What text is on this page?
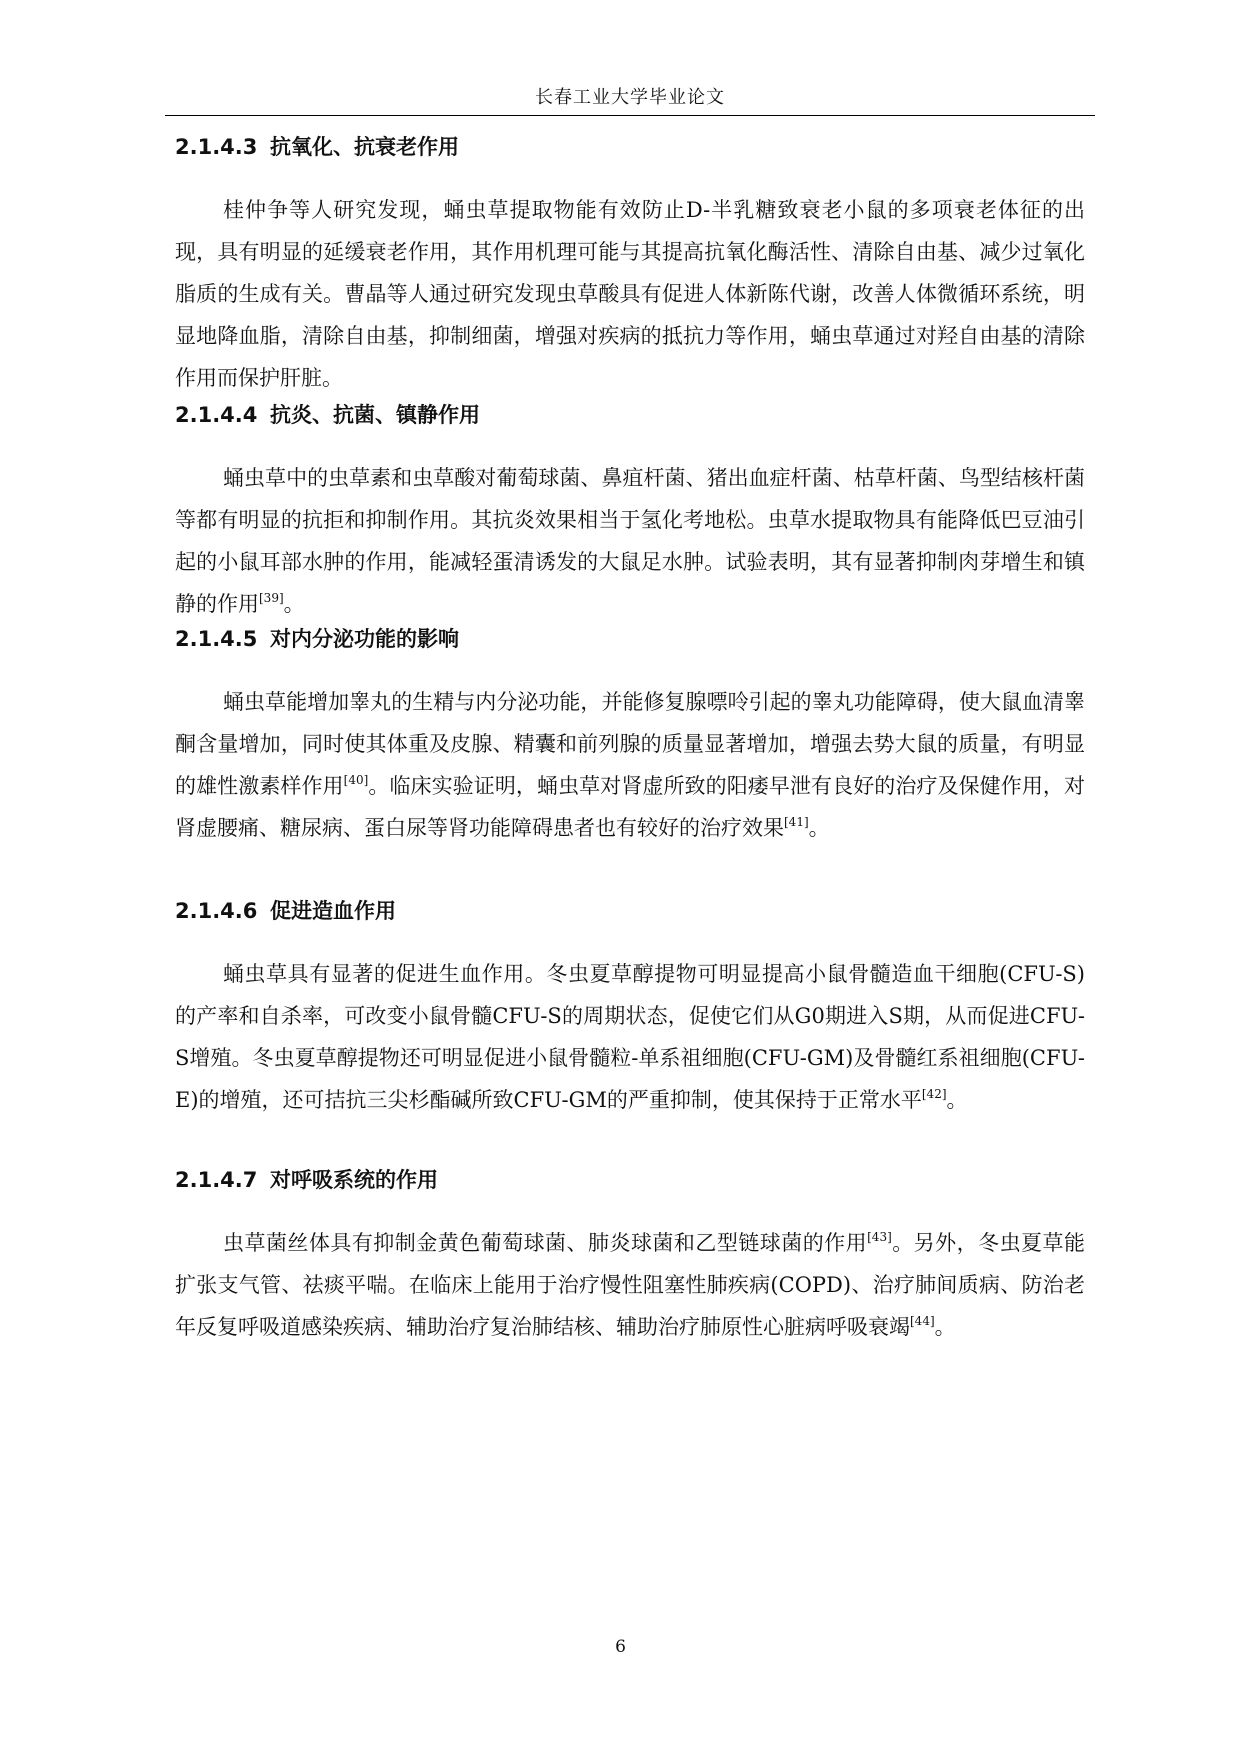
长春工业大学毕业论文
2.1.4.3 抗氧化、抗衰老作用

桂仲争等人研究发现，蛹虫草提取物能有效防止D-半乳糖致衰老小鼠的多项衰老体征的出现，具有明显的延缓衰老作用，其作用机理可能与其提高抗氧化酶活性、清除自由基、减少过氧化脂质的生成有关。曹晶等人通过研究发现虫草酸具有促进人体新陈代谢，改善人体微循环系统，明显地降血脂，清除自由基，抑制细菌，增强对疾病的抵抗力等作用，蛹虫草通过对羟自由基的清除作用而保护肝脏。

2.1.4.4 抗炎、抗菌、镇静作用

蛹虫草中的虫草素和虫草酸对葡萄球菌、鼻疽杆菌、猪出血症杆菌、枯草杆菌、鸟型结核杆菌等都有明显的抗拒和抑制作用。其抗炎效果相当于氢化考地松。虫草水提取物具有能降低巴豆油引起的小鼠耳部水肿的作用，能减轻蛋清诱发的大鼠足水肿。试验表明，其有显著抑制肉芽增生和镇静的作用[39]。

2.1.4.5 对内分泌功能的影响

蛹虫草能增加睾丸的生精与内分泌功能，并能修复腺嘌呤引起的睾丸功能障碍，使大鼠血清睾酮含量增加，同时使其体重及皮腺、精囊和前列腺的质量显著增加，增强去势大鼠的质量，有明显的雄性激素样作用[40]。临床实验证明，蛹虫草对肾虚所致的阳痿早泄有良好的治疗及保健作用，对肾虚腰痛、糖尿病、蛋白尿等肾功能障碍患者也有较好的治疗效果[41]。

2.1.4.6 促进造血作用

蛹虫草具有显著的促进生血作用。冬虫夏草醇提物可明显提高小鼠骨髓造血干细胞(CFU-S)的产率和自杀率，可改变小鼠骨髓CFU-S的周期状态，促使它们从G0期进入S期，从而促进CFU-S增殖。冬虫夏草醇提物还可明显促进小鼠骨髓粒-单系祖细胞(CFU-GM)及骨髓红系祖细胞(CFU-E)的增殖，还可拮抗三尖杉酯碱所致CFU-GM的严重抑制，使其保持于正常水平[42]。

2.1.4.7 对呼吸系统的作用

虫草菌丝体具有抑制金黄色葡萄球菌、肺炎球菌和乙型链球菌的作用[43]。另外，冬虫夏草能扩张支气管、祛痰平喘。在临床上能用于治疗慢性阻塞性肺疾病(COPD)、治疗肺间质病、防治老年反复呼吸道感染疾病、辅助治疗复治肺结核、辅助治疗肺原性心脏病呼吸衰竭[44]。

6
